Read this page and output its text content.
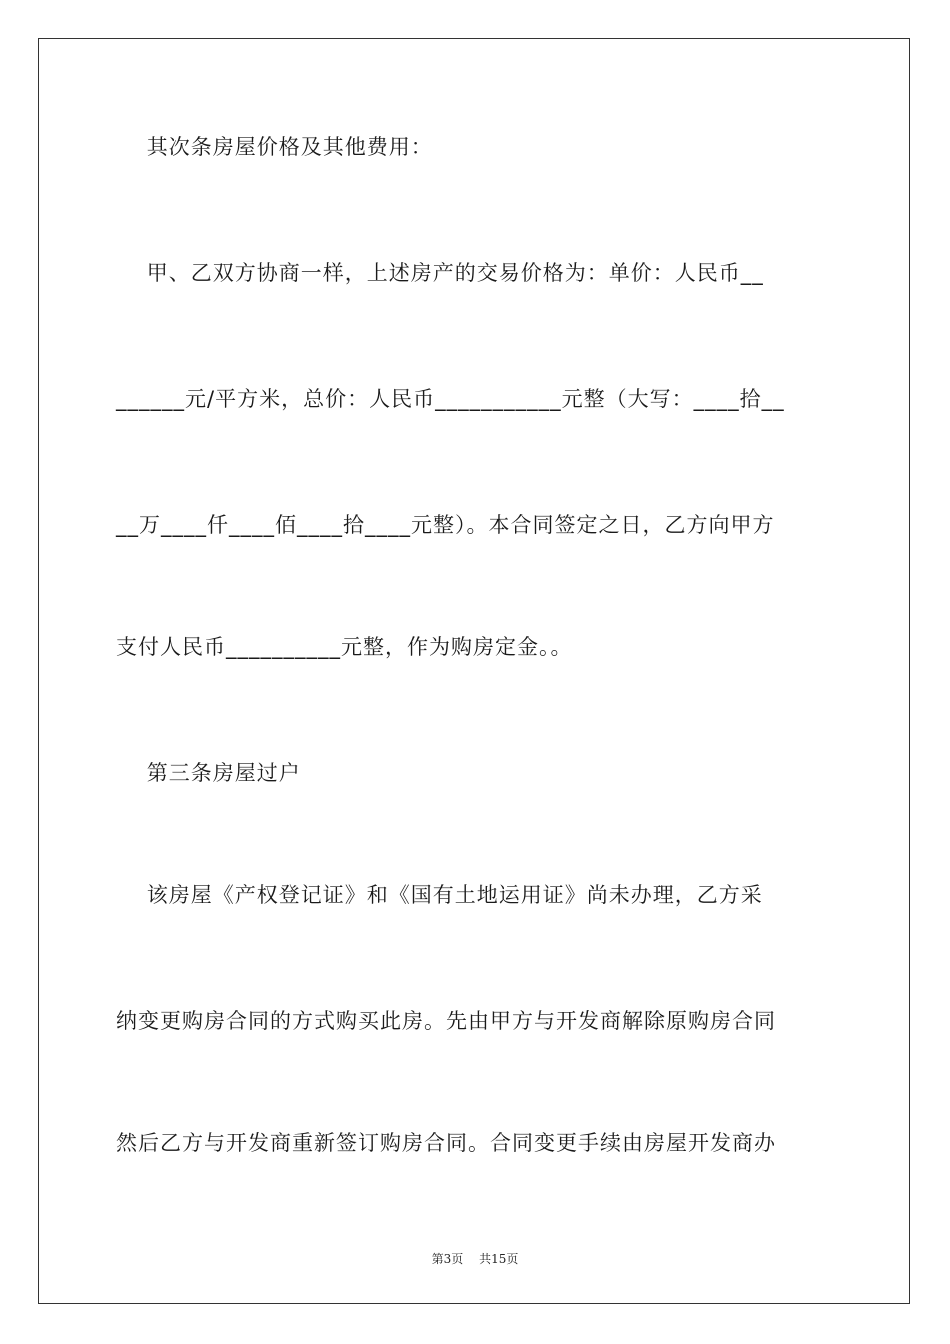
其次条房屋价格及其他费用：
甲、乙双方协商一样，上述房产的交易价格为：单价：人民币__
______元/平方米，总价：人民币___________元整（大写：____拾__
__万____仟____佰____拾____元整）。本合同签定之日，乙方向甲方
支付人民币__________元整，作为购房定金。。
第三条房屋过户
该房屋《产权登记证》和《国有土地运用证》尚未办理，乙方采
纳变更购房合同的方式购买此房。先由甲方与开发商解除原购房合同
然后乙方与开发商重新签订购房合同。合同变更手续由房屋开发商办
第3页 共15页
